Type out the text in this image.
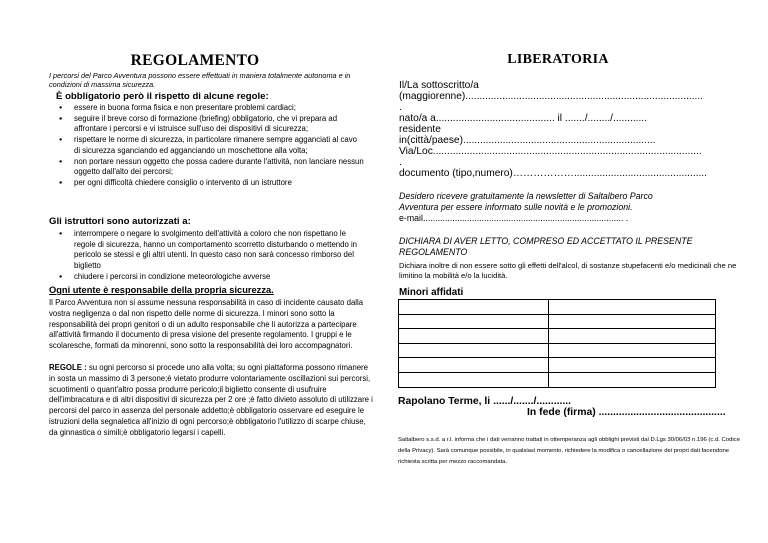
REGOLAMENTO
I percorsi del Parco Avventura possono essere effettuati in maniera totalmente autonoma e in condizioni di massima sicurezza.
È obbligatorio però il rispetto di alcune regole:
● essere in buona forma fisica e non presentare problemi cardiaci;
● seguire il breve corso di formazione (briefing) obbligatorio, che vi prepara ad affrontare i percorsi e vi istruisce sull'uso dei dispositivi di sicurezza;
● rispettare le norme di sicurezza, in particolare rimanere sempre agganciati al cavo di sicurezza sganciando ed agganciando un moschettone alla volta;
● non portare nessun oggetto che possa cadere durante l'attività, non lanciare nessun oggetto dall'alto dei percorsi;
● per ogni difficoltà chiedere consiglio o intervento di un istruttore
Gli istruttori sono autorizzati a:
● interrompere o negare lo svolgimento dell'attività a coloro che non rispettano le regole di sicurezza, hanno un comportamento scorretto disturbando o mettendo in pericolo se stessi e gli altri utenti. In questo caso non sarà concesso rimborso del biglietto
● chiudere i percorsi in condizione meteorologiche avverse
Ogni utente è responsabile della propria sicurezza.
Il Parco Avventura non si assume nessuna responsabilità in caso di incidente causato dalla vostra negligenza o dal non rispetto delle norme di sicurezza. I minori sono sotto la responsabilità dei propri genitori o di un adulto responsabile che li autorizza a partecipare all'attività firmando il documento di presa visione del presente regolamento. I gruppi e le scolaresche, formati da minorenni, sono sotto la responsabilità dei loro accompagnatori.
REGOLE : su ogni percorso si procede uno alla volta; su ogni piattaforma possono rimanere in sosta un massimo di 3 persone;è vietato produrre volontariamente oscillazioni sui percorsi, scuotimenti o quant'altro possa produrre pericolo;il biglietto consente di usufruire dell'imbracatura e di altri dispositivi di sicurezza per 2 ore ;è fatto divieto assoluto di utilizzare i percorsi del parco in assenza del personale addetto;è obbligatorio osservare ed eseguire le istruzioni della segnaletica all'inizio di ogni percorso;è obbligatorio l'utilizzo di scarpe chiuse, da ginnastica o simili;è obbligatorio legarsi i capelli.
LIBERATORIA
Il/La sottoscritto/a
(maggiorenne)....................................................................................
.
nato/a a.......................................... il ......./......../............
residente
in(città/paese)....................................................................
Via/Loc...............................................................................................
.
documento (tipo,numero)………………...............................................
Desidero ricevere gratuitamente la newsletter di Saltalbero Parco
Avventura per essere informato sulle novità e le promozioni.
e-mail.................................................................................. .
DICHIARA DI AVER LETTO, COMPRESO ED ACCETTATO IL PRESENTE REGOLAMENTO
Dichiara inoltre di non essere sotto gli effetti dell'alcol, di sostanze stupefacenti e/o medicinali che ne limitino la mobilità e/o la lucidità.
Minori affidati

Rapolano Terme, li ....../......./............
In fede (firma) ............................................
Saltalbero s.s.d. a r.l. informa che i dati verranno trattati in ottemperanza agli obblighi previsti dal D.Lgs 30/06/03 n.196 (c.d. Codice della Privacy). Sarà comunque possibile, in qualsiasi momento, richiedere la modifica o cancellazione dei propri dati facendone richiesta scritta per mezzo raccomandata.
